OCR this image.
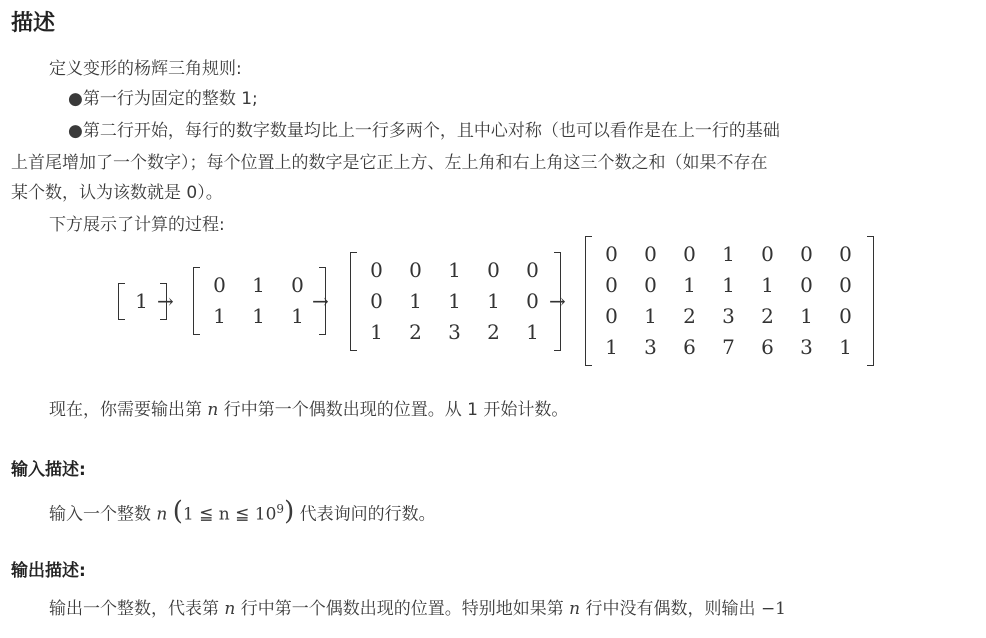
描述
定义变形的杨辉三角规则:
●第一行为固定的整数 1;
●第二行开始，每行的数字数量均比上一行多两个，且中心对称（也可以看作是在上一行的基础
上首尾增加了一个数字）；每个位置上的数字是它正上方、左上角和右上角这三个数之和（如果不存在
某个数，认为该数就是 0）。
下方展示了计算的过程:
1
0	1	0
1	1	1
0	0	1	0	0
0	1	1	1	0
1	2	3	2	1
0	0	0	1	0	0	0
0	0	1	1	1	0	0
0	1	2	3	2	1	0
1	3	6	7	6	3	1
→	→	→
现在，你需要输出第 n 行中第一个偶数出现的位置。从 1 开始计数。
输入描述:
输入一个整数 n (1 ≦ n ≦ $10^9$) 代表询问的行数。
输出描述:
输出一个整数，代表第 n 行中第一个偶数出现的位置。特别地如果第 n 行中没有偶数，则输出 −1
